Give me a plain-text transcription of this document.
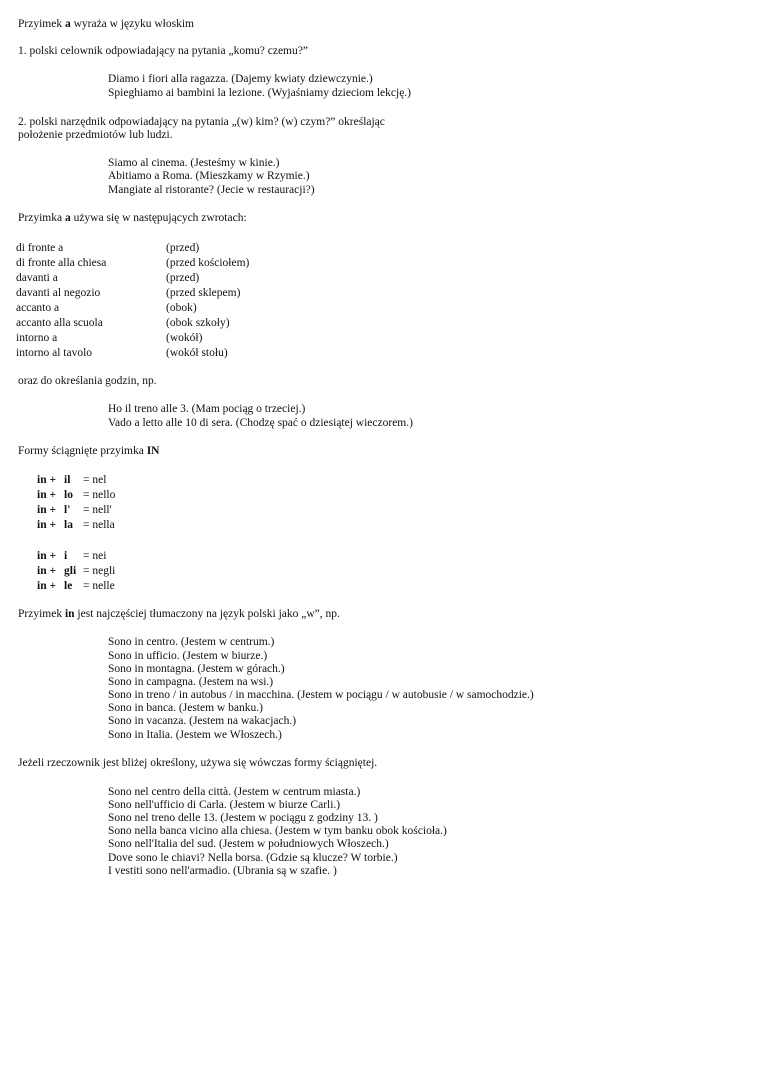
Przyimek a wyraża w języku włoskim
1. polski celownik odpowiadający na pytania „komu? czemu?”
Diamo i fiori alla ragazza. (Dajemy kwiaty dziewczynie.)
Spieghiamo ai bambini la lezione. (Wyjaśniamy dzieciom lekcję.)
2. polski narzędnik odpowiadający na pytania „(w) kim? (w) czym?” określając
położenie przedmiotów lub ludzi.
Siamo al cinema. (Jesteśmy w kinie.)
Abitiamo a Roma. (Mieszkamy w Rzymie.)
Mangiate al ristorante? (Jecie w restauracji?)
Przyimka a używa się w następujących zwrotach:
di fronte a	(przed)
di fronte alla chiesa	(przed kościołem)
davanti a	(przed)
davanti al negozio	(przed sklepem)
accanto a	(obok)
accanto alla scuola	(obok szkoły)
intorno a	(wokół)
intorno al tavolo	(wokół stołu)
oraz do określania godzin, np.
Ho il treno alle 3. (Mam pociąg o trzeciej.)
Vado a letto alle 10 di sera. (Chodzę spać o dziesiątej wieczorem.)
Formy ściągnięte przyimka IN
in + il = nel
in + lo = nello
in + l' = nell'
in + la = nella
in + i = nei
in + gli = negli
in + le = nelle
Przyimek in jest najczęściej tłumaczony na język polski jako „w”, np.
Sono in centro. (Jestem w centrum.)
Sono in ufficio. (Jestem w biurze.)
Sono in montagna. (Jestem w górach.)
Sono in campagna. (Jestem na wsi.)
Sono in treno / in autobus / in macchina. (Jestem w pociągu / w autobusie / w samochodzie.)
Sono in banca. (Jestem w banku.)
Sono in vacanza. (Jestem na wakacjach.)
Sono in Italia. (Jestem we Włoszech.)
Jeżeli rzeczownik jest bliżej określony, używa się wówczas formy ściągniętej.
Sono nel centro della città. (Jestem w centrum miasta.)
Sono nell'ufficio di Carla. (Jestem w biurze Carli.)
Sono nel treno delle 13. (Jestem w pociągu z godziny 13. )
Sono nella banca vicino alla chiesa. (Jestem w tym banku obok kościoła.)
Sono nell'Italia del sud. (Jestem w południowych Włoszech.)
Dove sono le chiavi? Nella borsa. (Gdzie są klucze? W torbie.)
I vestiti sono nell'armadio. (Ubrania są w szafie. )
